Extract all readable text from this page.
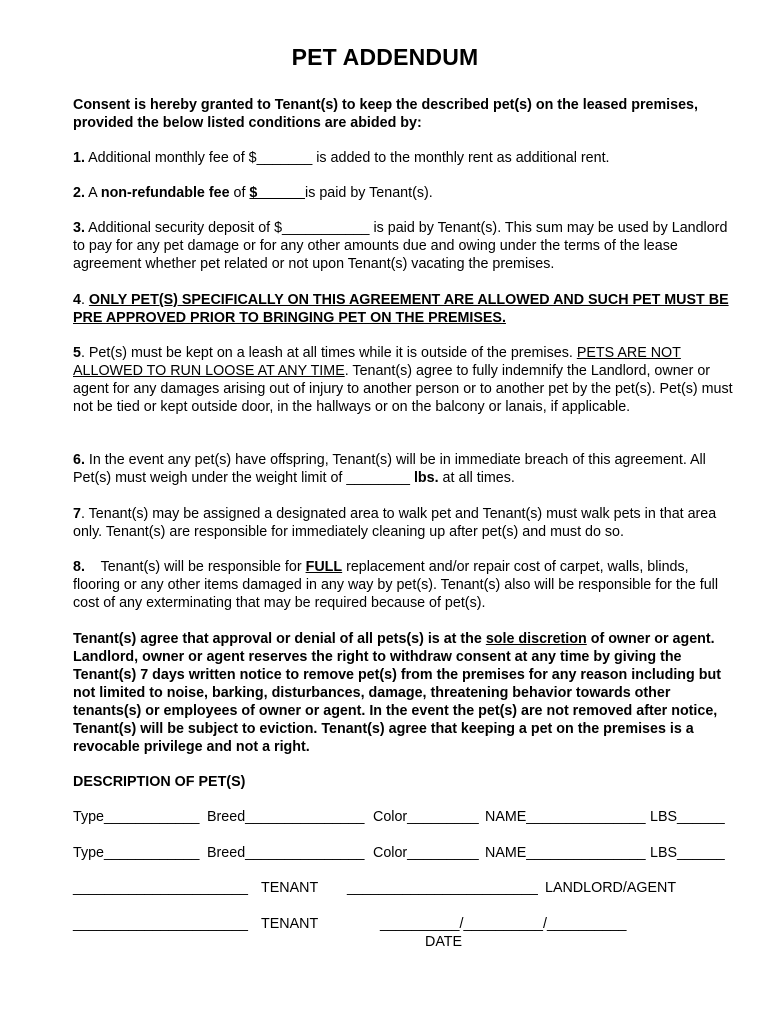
PET ADDENDUM

Consent is hereby granted to Tenant(s) to keep the described pet(s) on the leased premises, provided the below listed conditions are abided by:

1. Additional monthly fee of $_______ is added to the monthly rent as additional rent.

2. A non-refundable fee of $            is paid by Tenant(s).

3. Additional security deposit of $___________ is paid by Tenant(s). This sum may be used by Landlord to pay for any pet damage or for any other amounts due and owing under the terms of the lease agreement whether pet related or not upon Tenant(s) vacating the premises.

4. ONLY PET(S) SPECIFICALLY ON THIS AGREEMENT ARE ALLOWED AND SUCH PET MUST BE PRE APPROVED PRIOR TO BRINGING PET ON THE PREMISES.

5. Pet(s) must be kept on a leash at all times while it is outside of the premises. PETS ARE NOT ALLOWED TO RUN LOOSE AT ANY TIME. Tenant(s) agree to fully indemnify the Landlord, owner or agent for any damages arising out of injury to another person or to another pet by the pet(s). Pet(s) must not be tied or kept outside door, in the hallways or on the balcony or lanais, if applicable.

6. In the event any pet(s) have offspring, Tenant(s) will be in immediate breach of this agreement. All Pet(s) must weigh under the weight limit of ________ lbs. at all times.

7. Tenant(s) may be assigned a designated area to walk pet and Tenant(s) must walk pets in that area only. Tenant(s) are responsible for immediately cleaning up after pet(s) and must do so.

8.    Tenant(s) will be responsible for FULL replacement and/or repair cost of carpet, walls, blinds, flooring or any other items damaged in any way by pet(s). Tenant(s) also will be responsible for the full cost of any exterminating that may be required because of pet(s).

Tenant(s) agree that approval or denial of all pets(s) is at the sole discretion of owner or agent. Landlord, owner or agent reserves the right to withdraw consent at any time by giving the Tenant(s) 7 days written notice to remove pet(s) from the premises for any reason including but not limited to noise, barking, disturbances, damage, threatening behavior towards other tenants(s) or employees of owner or agent. In the event the pet(s) are not removed after notice, Tenant(s) will be subject to eviction. Tenant(s) agree that keeping a pet on the premises is a revocable privilege and not a right.

DESCRIPTION OF PET(S)

Type____________ Breed_______________ Color_________ NAME_______________ LBS______
Type____________ Breed_______________ Color_________ NAME_______________ LBS______
______________________ TENANT ________________________ LANDLORD/AGENT
______________________ TENANT	__________/__________/__________
DATE
